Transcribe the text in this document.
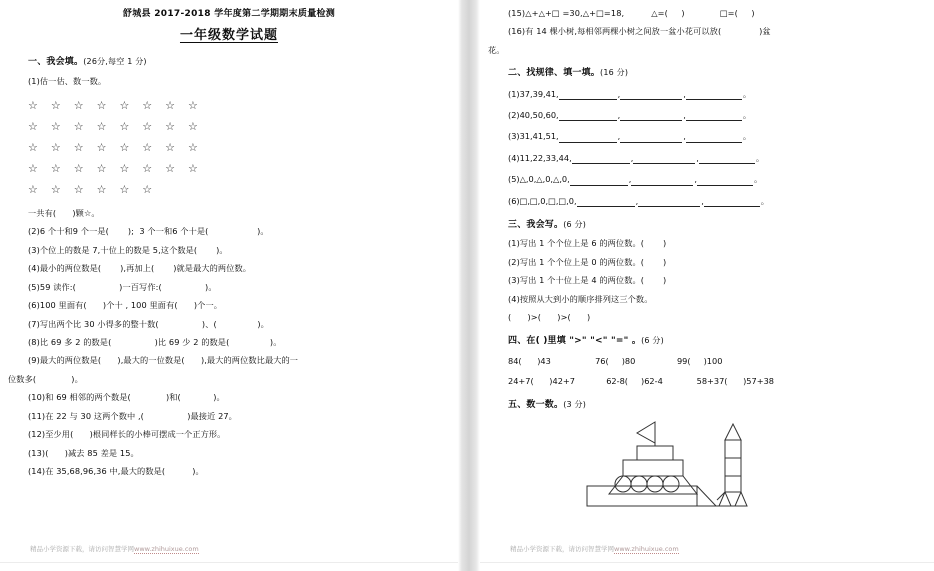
舒城县 2017-2018 学年度第二学期期末质量检测
一年级数学试题
一、我会填。(26分,每空 1 分)
(1)估一估、数一数。
☆☆☆☆☆☆☆☆
☆☆☆☆☆☆☆☆
☆☆☆☆☆☆☆☆
☆☆☆☆☆☆☆☆
☆☆☆☆☆☆
一共有(      )颗☆。
(2)6 个十和9 个一是(       );  3 个一和6 个十是(                  )。
(3)个位上的数是 7,十位上的数是 5,这个数是(       )。
(4)最小的两位数是(       ),再加上(       )就是最大的两位数。
(5)59 读作:(                )一百写作:(                )。
(6)100 里面有(      )个十 , 100 里面有(      )个一。
(7)写出两个比 30 小得多的整十数(                )、(               )。
(8)比 69 多 2 的数是(                )比 69 少 2 的数是(               )。
(9)最大的两位数是(      ),最大的一位数是(      ),最大的两位数比最大的一
位数多(             )。
(10)和 69 相邻的两个数是(             )和(            )。
(11)在 22 与 30 这两个数中 ,(                )最接近 27。
(12)至少用(      )根同样长的小棒可摆成一个正方形。
(13)(      )减去 85 差是 15。
(14)在 35,68,96,36 中,最大的数是(          )。
精品小学资源下载，请访问智慧学网www.zhihuixue.com
(15)△+△+□ =30,△+□=18,          △=(     )             □=(     )
(16)有 14 棵小树,每相邻两棵小树之间放一盆小花可以放(              )盆
花。
二、找规律、填一填。(16 分)
(1)37,39,41,	,	,	。
(2)40,50,60,	,	,	。
(3)31,41,51,	,	,	。
(4)11,22,33,44,	,	,	。
(5)△,0,△,0,△,0,	,	,	。
(6)□,□,0,□,□,0,	,	,	。
三、我会写。(6 分)
(1)写出 1 个个位上是 6 的两位数。(       )
(2)写出 1 个个位上是 0 的两位数。(       )
(3)写出 1 个十位上是 4 的两位数。(       )
(4)按照从大到小的顺序排列这三个数。
(      )>(      )>(      )
四、在( )里填 ">" "<" "=" 。(6 分)
84(      )43                 76(     )80                99(     )100
24+7(      )42+7            62-8(     )62-4             58+37(      )57+38
五、数一数。(3 分)
精品小学资源下载，请访问智慧学网www.zhihuixue.com
